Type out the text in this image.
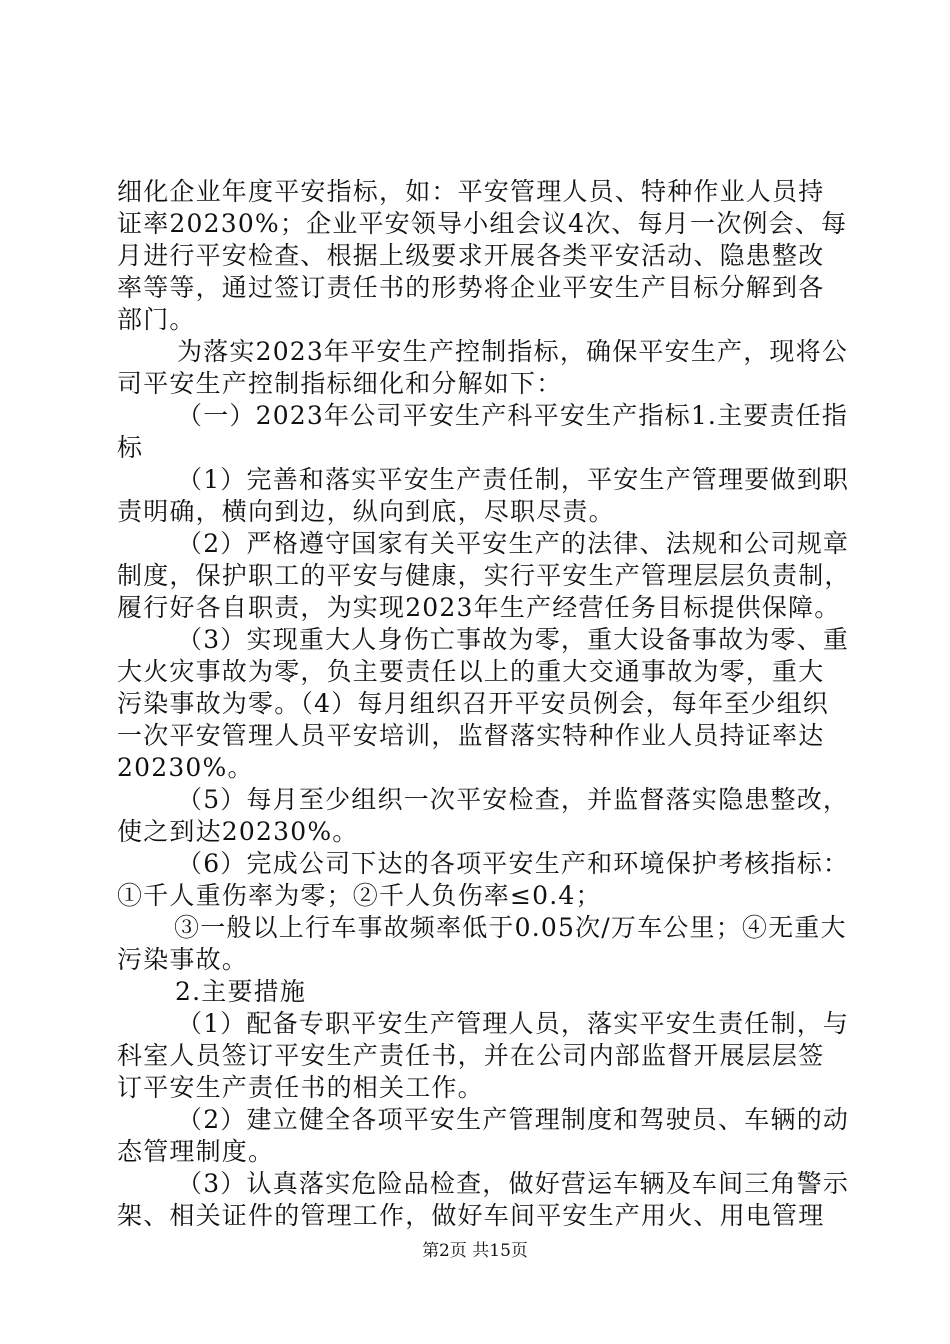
细化企业年度平安指标，如：平安管理人员、特种作业人员持
证率20230%；企业平安领导小组会议4次、每月一次例会、每
月进行平安检查、根据上级要求开展各类平安活动、隐患整改
率等等，通过签订责任书的形势将企业平安生产目标分解到各
部门。
为落实2023年平安生产控制指标，确保平安生产，现将公
司平安生产控制指标细化和分解如下：
（一）2023年公司平安生产科平安生产指标1.主要责任指
标
（1）完善和落实平安生产责任制，平安生产管理要做到职
责明确，横向到边，纵向到底，尽职尽责。
（2）严格遵守国家有关平安生产的法律、法规和公司规章
制度，保护职工的平安与健康，实行平安生产管理层层负责制，
履行好各自职责，为实现2023年生产经营任务目标提供保障。
（3）实现重大人身伤亡事故为零，重大设备事故为零、重
大火灾事故为零，负主要责任以上的重大交通事故为零，重大
污染事故为零。（4）每月组织召开平安员例会，每年至少组织
一次平安管理人员平安培训，监督落实特种作业人员持证率达
20230%。
（5）每月至少组织一次平安检查，并监督落实隐患整改，
使之到达20230%。
（6）完成公司下达的各项平安生产和环境保护考核指标：
①千人重伤率为零；②千人负伤率≤0.4；
③一般以上行车事故频率低于0.05次/万车公里；④无重大
污染事故。
2.主要措施
（1）配备专职平安生产管理人员，落实平安生责任制，与
科室人员签订平安生产责任书，并在公司内部监督开展层层签
订平安生产责任书的相关工作。
（2）建立健全各项平安生产管理制度和驾驶员、车辆的动
态管理制度。
（3）认真落实危险品检查，做好营运车辆及车间三角警示
架、相关证件的管理工作，做好车间平安生产用火、用电管理
第2页 共15页
